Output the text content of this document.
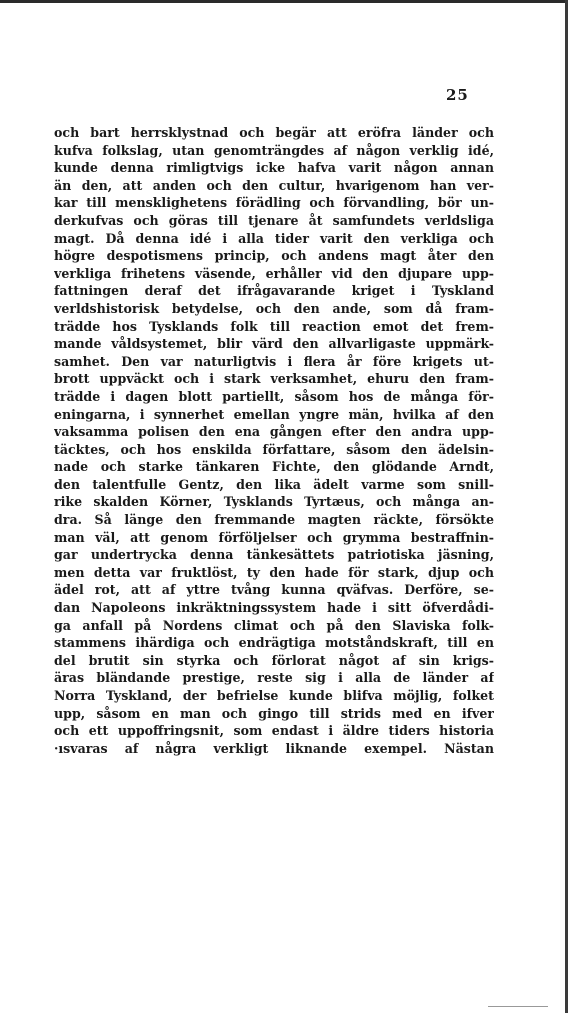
25
och bart herrsklystnad och begär att eröfra länder och
kufva folkslag, utan genomträngdes af någon verklig idé,
kunde denna rimligtvigs icke hafva varit någon annan
än den, att anden och den cultur, hvarigenom han ver-
kar till mensklighetens förädling och förvandling, bör un-
derkufvas och göras till tjenare åt samfundets verldsliga
magt. Då denna idé i alla tider varit den verkliga och
högre despotismens princip, och andens magt åter den
verkliga frihetens väsende, erhåller vid den djupare upp-
fattningen deraf det ifrågavarande kriget i Tyskland
verldshistorisk betydelse, och den ande, som då fram-
trädde hos Tysklands folk till reaction emot det frem-
mande våldsystemet, blir värd den allvarligaste uppmärk-
samhet. Den var naturligtvis i flera år före krigets ut-
brott uppväckt och i stark verksamhet, ehuru den fram-
trädde i dagen blott partiellt, såsom hos de många för-
eningarna, i synnerhet emellan yngre män, hvilka af den
vaksamma polisen den ena gången efter den andra upp-
täcktes, och hos enskilda författare, såsom den ädelsin-
nade och starke tänkaren Fichte, den glödande Arndt,
den talentfulle Gentz, den lika ädelt varme som snill-
rike skalden Körner, Tysklands Tyrtæus, och många an-
dra. Så länge den fremmande magten räckte, försökte
man väl, att genom förföljelser och grymma bestraffnin-
gar undertrycka denna tänkesättets patriotiska jäsning,
men detta var fruktlöst, ty den hade för stark, djup och
ädel rot, att af yttre tvång kunna qväfvas. Derföre, se-
dan Napoleons inkräktningssystem hade i sitt öfverdådi-
ga anfall på Nordens climat och på den Slaviska folk-
stammens ihärdiga och endrägtiga motståndskraft, till en
del brutit sin styrka och förlorat något af sin krigs-
äras bländande prestige, reste sig i alla de länder af
Norra Tyskland, der befrielse kunde blifva möjlig, folket
upp, såsom en man och gingo till strids med en ifver
och ett uppoffringsnit, som endast i äldre tiders historia
·ısvaras af några verkligt liknande exempel. Nästan
